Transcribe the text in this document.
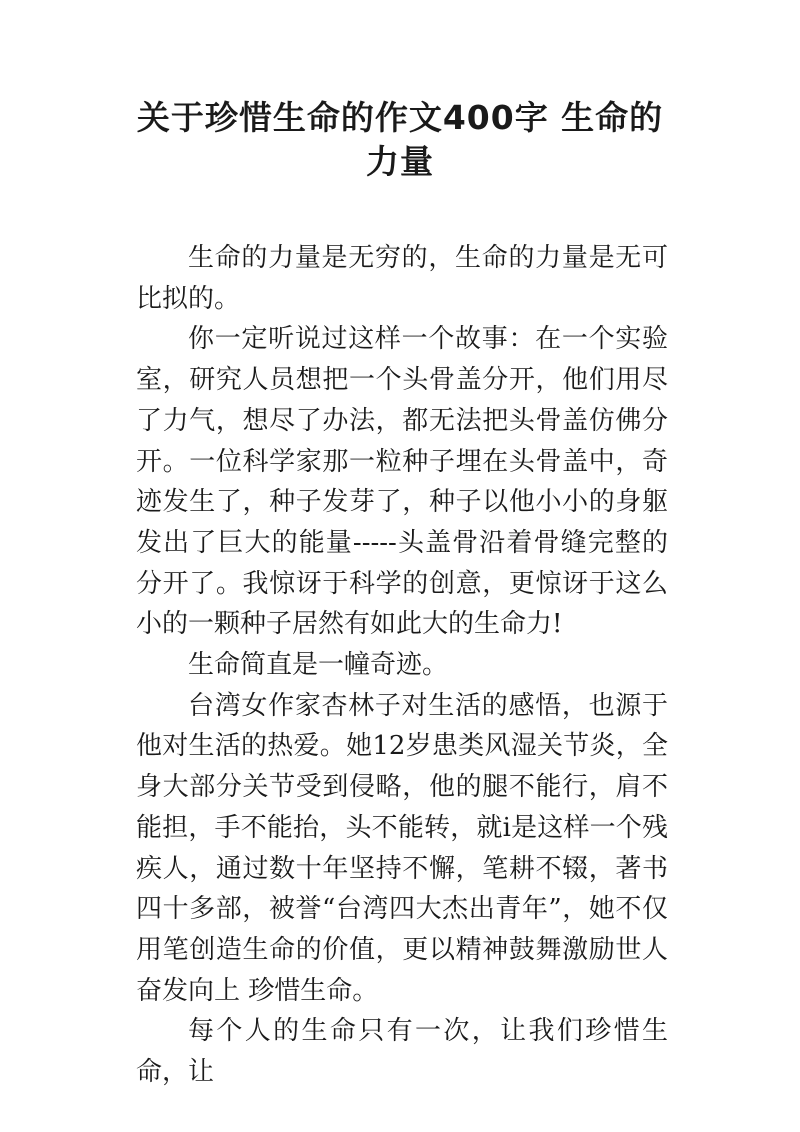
关于珍惜生命的作文400字 生命的力量

生命的力量是无穷的，生命的力量是无可比拟的。

你一定听说过这样一个故事：在一个实验室，研究人员想把一个头骨盖分开，他们用尽了力气，想尽了办法，都无法把头骨盖仿佛分开。一位科学家那一粒种子埋在头骨盖中，奇迹发生了，种子发芽了，种子以他小小的身躯发出了巨大的能量-----头盖骨沿着骨缝完整的分开了。我惊讶于科学的创意，更惊讶于这么小的一颗种子居然有如此大的生命力!

生命简直是一幢奇迹。

台湾女作家杏林子对生活的感悟，也源于他对生活的热爱。她12岁患类风湿关节炎，全身大部分关节受到侵略，他的腿不能行，肩不能担，手不能抬，头不能转，就i是这样一个残疾人，通过数十年坚持不懈，笔耕不辍，著书四十多部，被誉“台湾四大杰出青年”，她不仅用笔创造生命的价值，更以精神鼓舞激励世人奋发向上 珍惜生命。

每个人的生命只有一次，让我们珍惜生命，让
